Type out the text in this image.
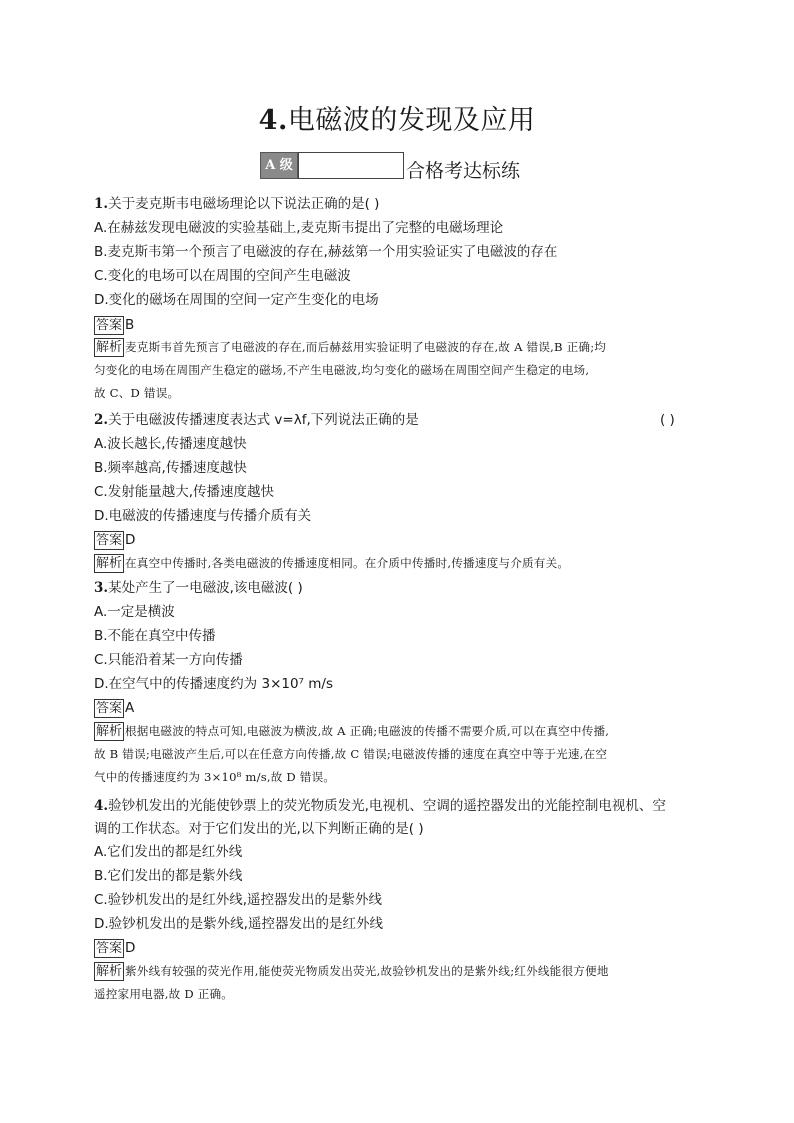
4.电磁波的发现及应用
A 级	合格考达标练
1.关于麦克斯韦电磁场理论以下说法正确的是( )
A.在赫兹发现电磁波的实验基础上,麦克斯韦提出了完整的电磁场理论
B.麦克斯韦第一个预言了电磁波的存在,赫兹第一个用实验证实了电磁波的存在
C.变化的电场可以在周围的空间产生电磁波
D.变化的磁场在周围的空间一定产生变化的电场
答案 B
解析 麦克斯韦首先预言了电磁波的存在,而后赫兹用实验证明了电磁波的存在,故 A 错误,B 正确;均
匀变化的电场在周围产生稳定的磁场,不产生电磁波,均匀变化的磁场在周围空间产生稳定的电场,
故 C、D 错误。
2.关于电磁波传播速度表达式 v=λf,下列说法正确的是	( )
A.波长越长,传播速度越快
B.频率越高,传播速度越快
C.发射能量越大,传播速度越快
D.电磁波的传播速度与传播介质有关
答案 D
解析 在真空中传播时,各类电磁波的传播速度相同。在介质中传播时,传播速度与介质有关。
3.某处产生了一电磁波,该电磁波( )
A.一定是横波
B.不能在真空中传播
C.只能沿着某一方向传播
D.在空气中的传播速度约为 3×10⁷ m/s
答案 A
解析 根据电磁波的特点可知,电磁波为横波,故 A 正确;电磁波的传播不需要介质,可以在真空中传播,
故 B 错误;电磁波产生后,可以在任意方向传播,故 C 错误;电磁波传播的速度在真空中等于光速,在空
气中的传播速度约为 3×10⁸ m/s,故 D 错误。
4.验钞机发出的光能使钞票上的荧光物质发光,电视机、空调的遥控器发出的光能控制电视机、空
调的工作状态。对于它们发出的光,以下判断正确的是( )
A.它们发出的都是红外线
B.它们发出的都是紫外线
C.验钞机发出的是红外线,遥控器发出的是紫外线
D.验钞机发出的是紫外线,遥控器发出的是红外线
答案 D
解析 紫外线有较强的荧光作用,能使荧光物质发出荧光,故验钞机发出的是紫外线;红外线能很方便地
遥控家用电器,故 D 正确。
